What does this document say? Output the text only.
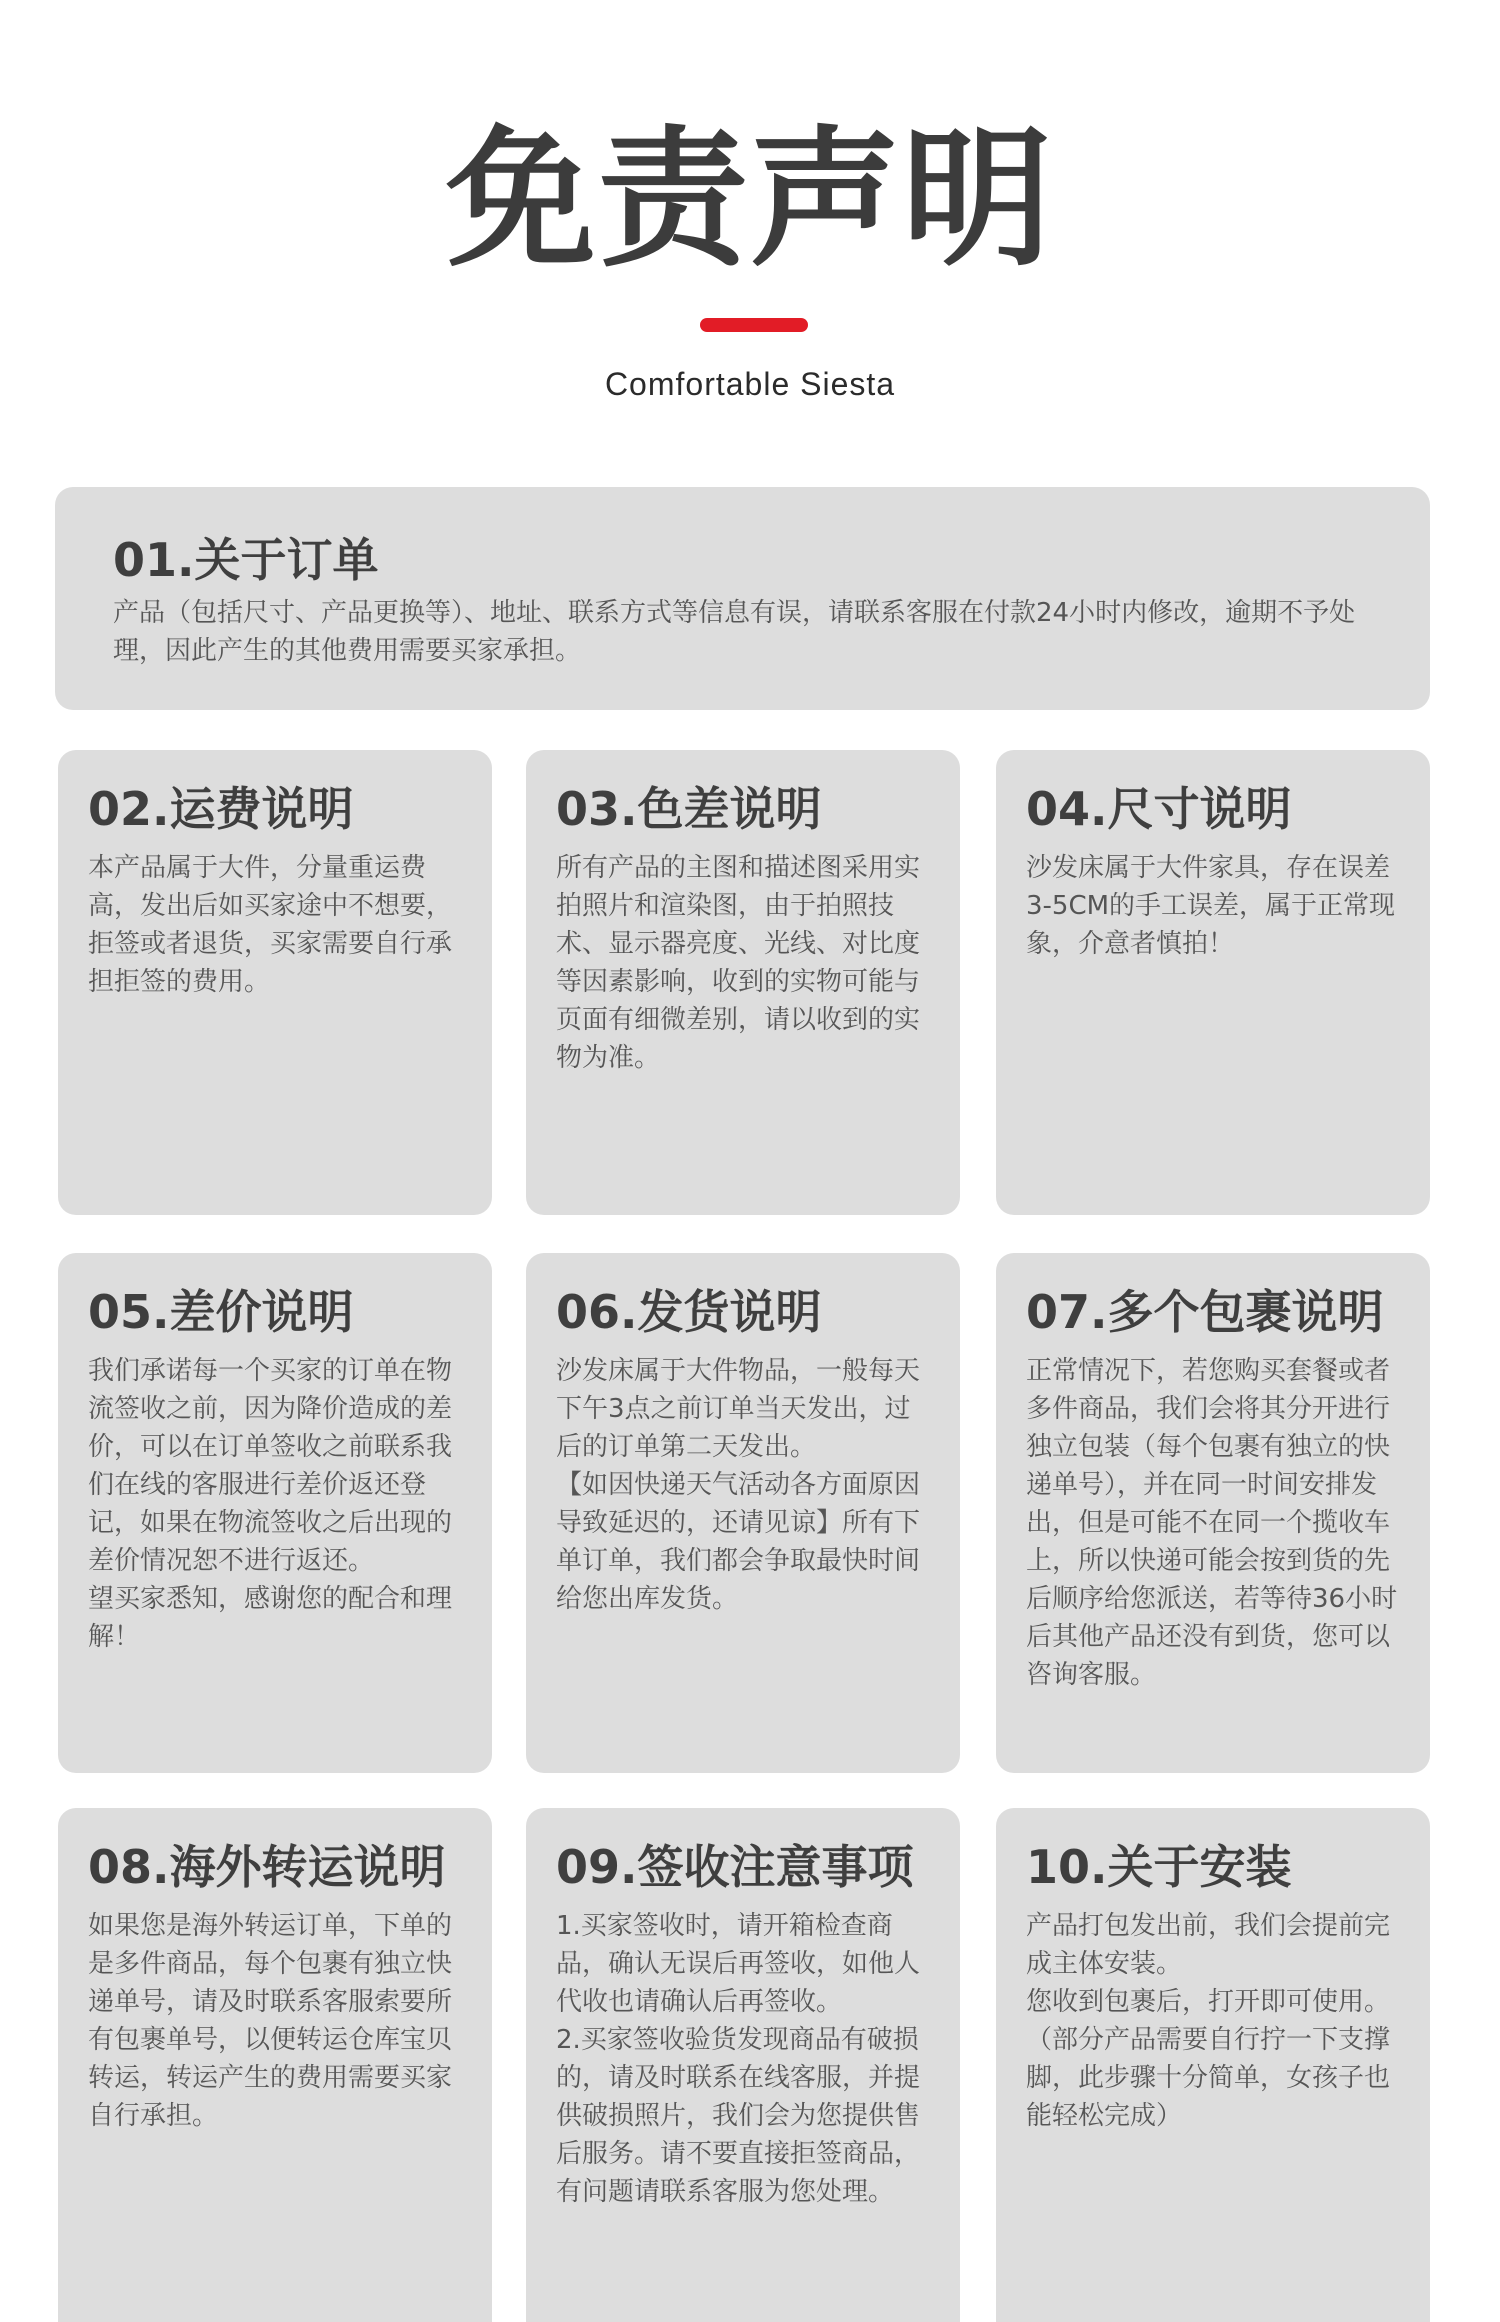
免责声明
Comfortable Siesta
01.关于订单
产品（包括尺寸、产品更换等）、地址、联系方式等信息有误，请联系客服在付款24小时内修改，逾期不予处理，因此产生的其他费用需要买家承担。
02.运费说明
本产品属于大件，分量重运费高，发出后如买家途中不想要，拒签或者退货，买家需要自行承担拒签的费用。
03.色差说明
所有产品的主图和描述图采用实拍照片和渲染图，由于拍照技术、显示器亮度、光线、对比度等因素影响，收到的实物可能与页面有细微差别，请以收到的实物为准。
04.尺寸说明
沙发床属于大件家具，存在误差3-5CM的手工误差，属于正常现象，介意者慎拍！
05.差价说明
我们承诺每一个买家的订单在物流签收之前，因为降价造成的差价，可以在订单签收之前联系我们在线的客服进行差价返还登记，如果在物流签收之后出现的差价情况恕不进行返还。
望买家悉知，感谢您的配合和理解！
06.发货说明
沙发床属于大件物品，一般每天下午3点之前订单当天发出，过后的订单第二天发出。
【如因快递天气活动各方面原因导致延迟的，还请见谅】所有下单订单，我们都会争取最快时间给您出库发货。
07.多个包裹说明
正常情况下，若您购买套餐或者多件商品，我们会将其分开进行独立包装（每个包裹有独立的快递单号），并在同一时间安排发出，但是可能不在同一个揽收车上，所以快递可能会按到货的先后顺序给您派送，若等待36小时后其他产品还没有到货，您可以咨询客服。
08.海外转运说明
如果您是海外转运订单，下单的是多件商品，每个包裹有独立快递单号，请及时联系客服索要所有包裹单号，以便转运仓库宝贝转运，转运产生的费用需要买家自行承担。
09.签收注意事项
1.买家签收时，请开箱检查商品，确认无误后再签收，如他人代收也请确认后再签收。
2.买家签收验货发现商品有破损的，请及时联系在线客服，并提供破损照片，我们会为您提供售后服务。请不要直接拒签商品，有问题请联系客服为您处理。
10.关于安装
产品打包发出前，我们会提前完成主体安装。
您收到包裹后，打开即可使用。
（部分产品需要自行拧一下支撑脚，此步骤十分简单，女孩子也能轻松完成）
